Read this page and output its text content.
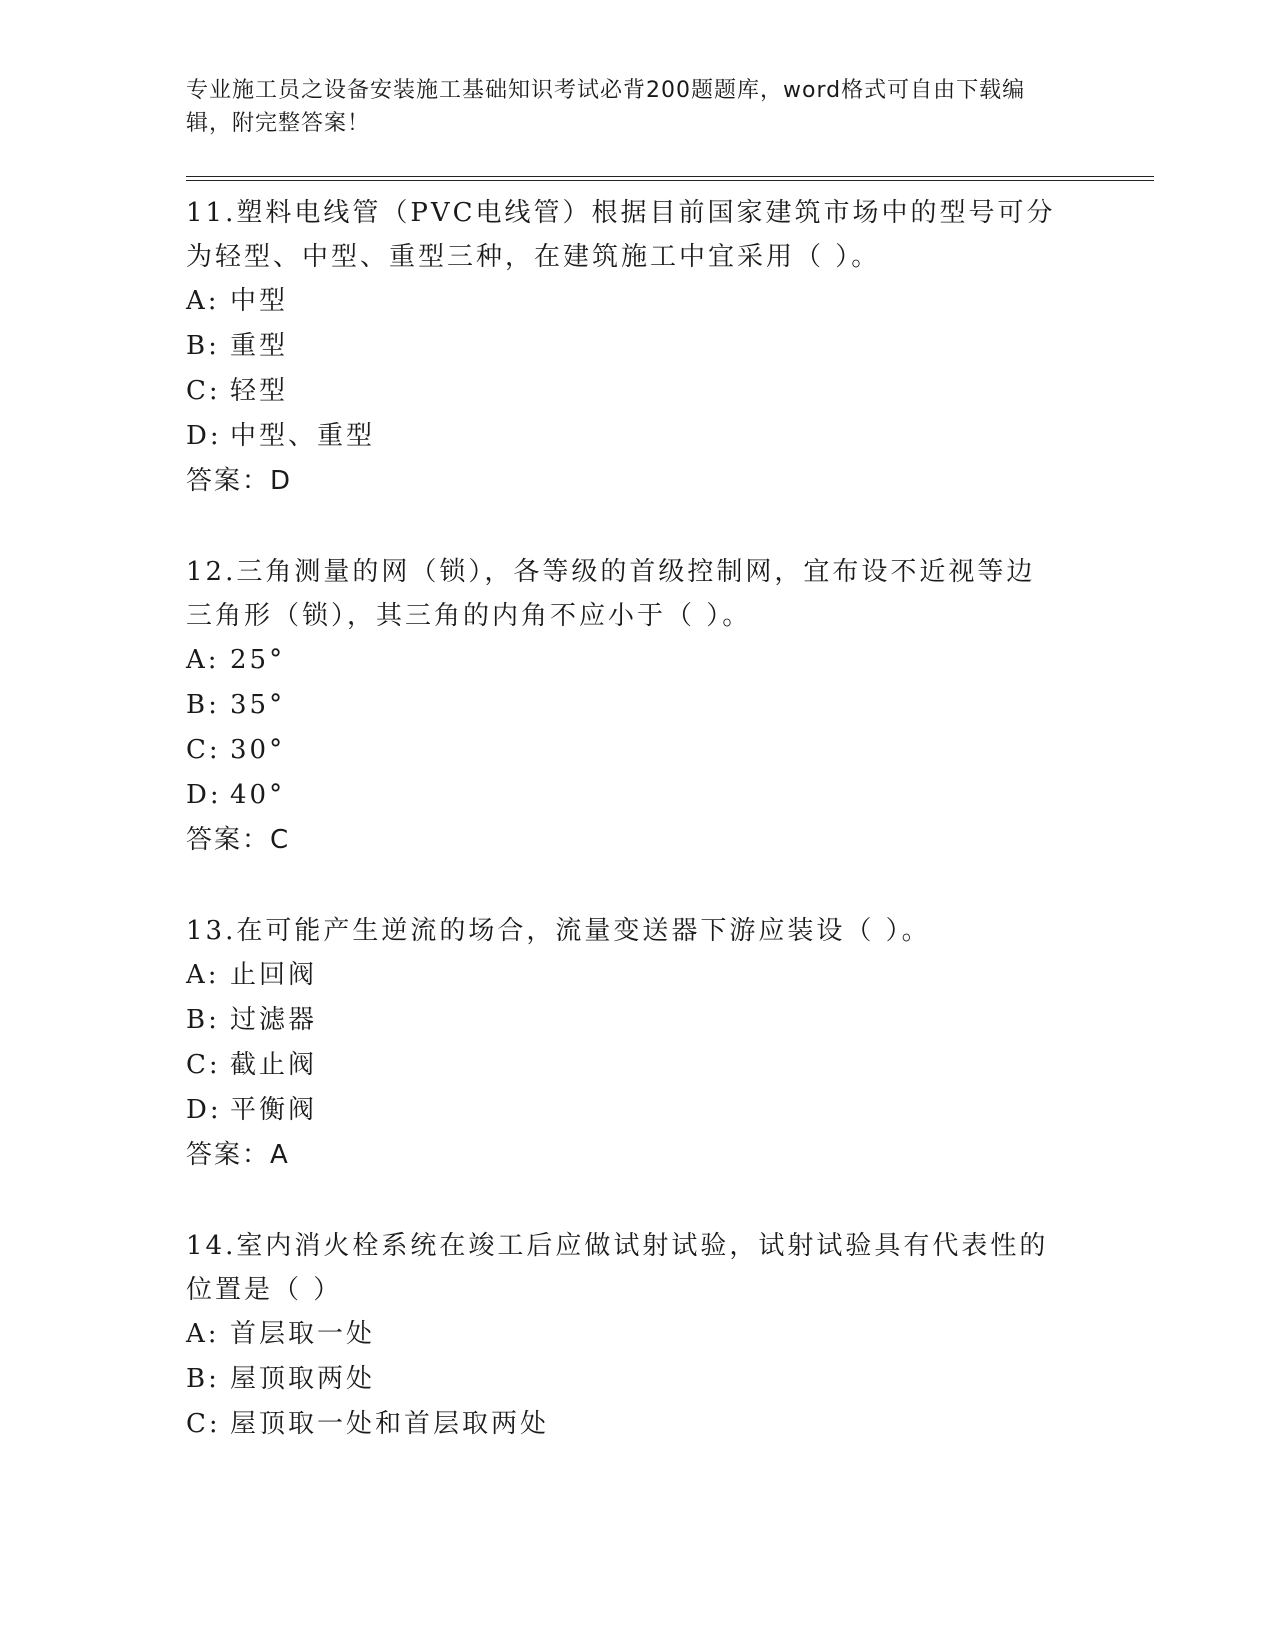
专业施工员之设备安装施工基础知识考试必背200题题库，word格式可自由下载编辑，附完整答案！

11.塑料电线管（PVC电线管）根据目前国家建筑市场中的型号可分为轻型、中型、重型三种，在建筑施工中宜采用（ ）。

A: 中型

B: 重型

C: 轻型

D: 中型、重型

答案：D

12.三角测量的网（锁），各等级的首级控制网，宜布设不近视等边三角形（锁），其三角的内角不应小于（ ）。

A: 25°

B: 35°

C: 30°

D: 40°

答案：C

13.在可能产生逆流的场合，流量变送器下游应装设（ ）。

A: 止回阀

B: 过滤器

C: 截止阀

D: 平衡阀

答案：A

14.室内消火栓系统在竣工后应做试射试验，试射试验具有代表性的位置是（ ）

A: 首层取一处

B: 屋顶取两处

C: 屋顶取一处和首层取两处
